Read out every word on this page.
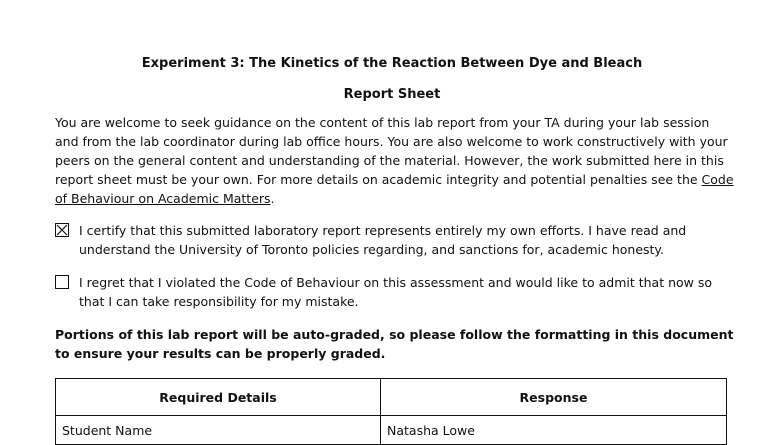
Experiment 3: The Kinetics of the Reaction Between Dye and Bleach
Report Sheet
You are welcome to seek guidance on the content of this lab report from your TA during your lab session and from the lab coordinator during lab office hours. You are also welcome to work constructively with your peers on the general content and understanding of the material. However, the work submitted here in this report sheet must be your own. For more details on academic integrity and potential penalties see the Code of Behaviour on Academic Matters.
I certify that this submitted laboratory report represents entirely my own efforts. I have read and understand the University of Toronto policies regarding, and sanctions for, academic honesty.
I regret that I violated the Code of Behaviour on this assessment and would like to admit that now so that I can take responsibility for my mistake.
Portions of this lab report will be auto-graded, so please follow the formatting in this document to ensure your results can be properly graded.
Required Details	Response
Student Name	Natasha Lowe
